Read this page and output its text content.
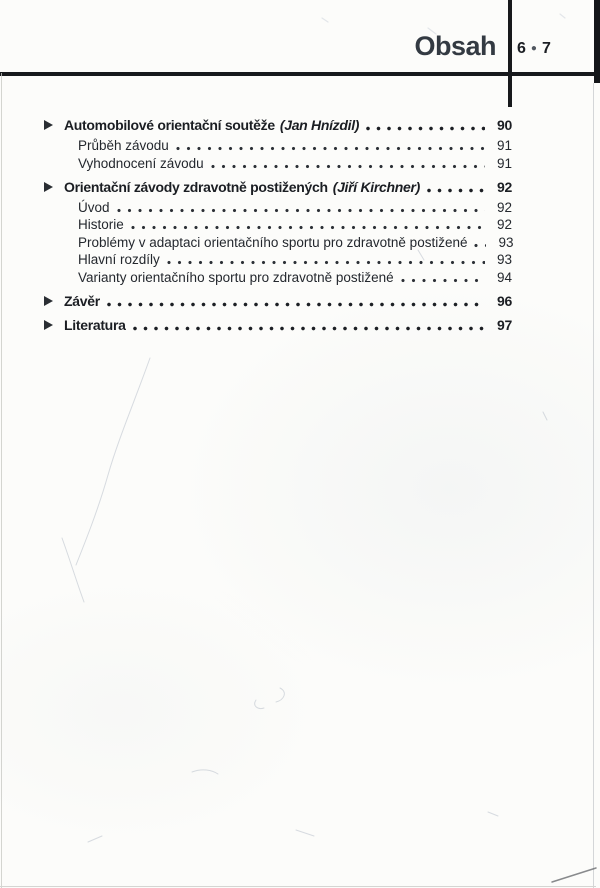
Obsah 6 ● 7
Automobilové orientační soutěže (Jan Hnízdil)	90
Průběh závodu	91
Vyhodnocení závodu	91
Orientační závody zdravotně postižených (Jiří Kirchner)	92
Úvod	92
Historie	92
Problémy v adaptaci orientačního sportu pro zdravotně postižené	93
Hlavní rozdíly	93
Varianty orientačního sportu pro zdravotně postižené	94
Závěr	96
Literatura	97
